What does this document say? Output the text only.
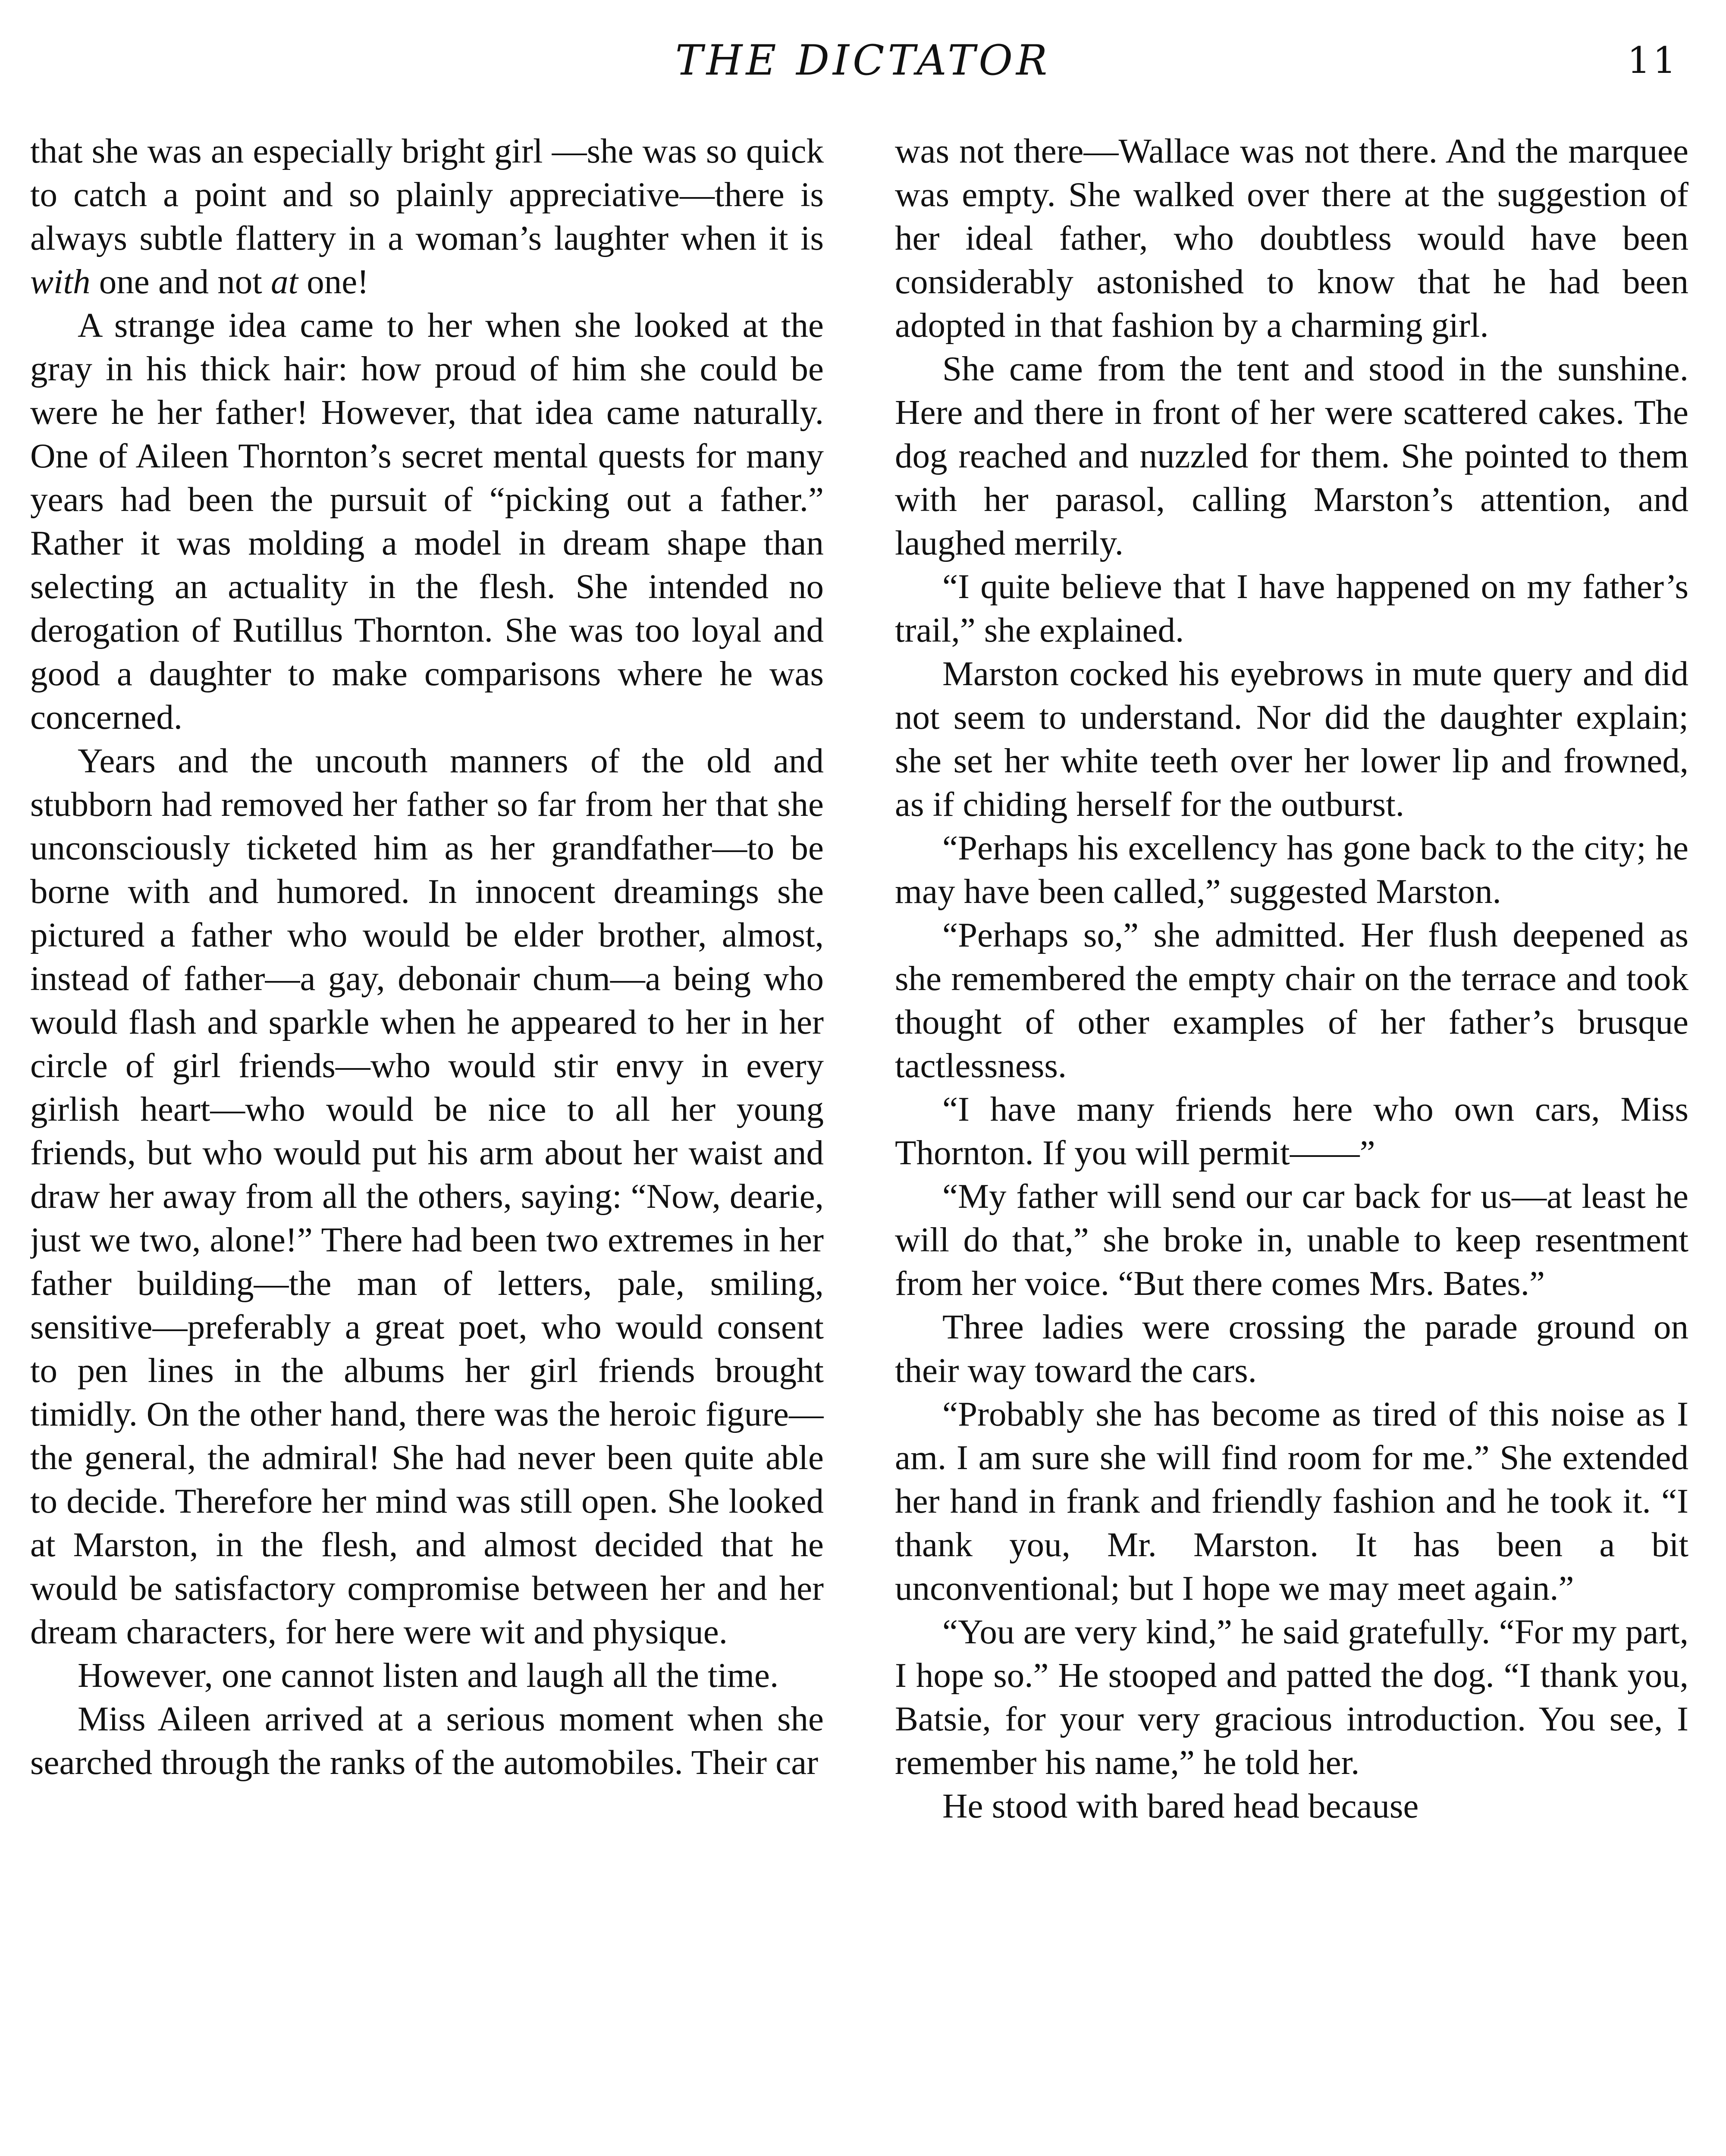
THE DICTATOR	11

that she was an especially bright girl —she was so quick to catch a point and so plainly appreciative—there is always subtle flattery in a woman’s laughter when it is with one and not at one!

A strange idea came to her when she looked at the gray in his thick hair: how proud of him she could be were he her father! However, that idea came naturally. One of Aileen Thornton’s secret mental quests for many years had been the pursuit of “picking out a father.” Rather it was molding a model in dream shape than selecting an actuality in the flesh. She intended no derogation of Rutillus Thornton. She was too loyal and good a daughter to make comparisons where he was concerned.

Years and the uncouth manners of the old and stubborn had removed her father so far from her that she unconsciously ticketed him as her grandfather—to be borne with and humored. In innocent dreamings she pictured a father who would be elder brother, almost, instead of father—a gay, debonair chum—a being who would flash and sparkle when he appeared to her in her circle of girl friends—who would stir envy in every girlish heart—who would be nice to all her young friends, but who would put his arm about her waist and draw her away from all the others, saying: “Now, dearie, just we two, alone!” There had been two extremes in her father building—the man of letters, pale, smiling, sensitive—preferably a great poet, who would consent to pen lines in the albums her girl friends brought timidly. On the other hand, there was the heroic figure—the general, the admiral! She had never been quite able to decide. Therefore her mind was still open. She looked at Marston, in the flesh, and almost decided that he would be satisfactory compromise between her and her dream characters, for here were wit and physique.

However, one cannot listen and laugh all the time.

Miss Aileen arrived at a serious moment when she searched through the ranks of the automobiles. Their car

was not there—Wallace was not there. And the marquee was empty. She walked over there at the suggestion of her ideal father, who doubtless would have been considerably astonished to know that he had been adopted in that fashion by a charming girl.

She came from the tent and stood in the sunshine. Here and there in front of her were scattered cakes. The dog reached and nuzzled for them. She pointed to them with her parasol, calling Marston’s attention, and laughed merrily.

“I quite believe that I have happened on my father’s trail,” she explained.

Marston cocked his eyebrows in mute query and did not seem to understand. Nor did the daughter explain; she set her white teeth over her lower lip and frowned, as if chiding herself for the outburst.

“Perhaps his excellency has gone back to the city; he may have been called,” suggested Marston.

“Perhaps so,” she admitted. Her flush deepened as she remembered the empty chair on the terrace and took thought of other examples of her father’s brusque tactlessness.

“I have many friends here who own cars, Miss Thornton. If you will permit——”

“My father will send our car back for us—at least he will do that,” she broke in, unable to keep resentment from her voice. “But there comes Mrs. Bates.”

Three ladies were crossing the parade ground on their way toward the cars.

“Probably she has become as tired of this noise as I am. I am sure she will find room for me.” She extended her hand in frank and friendly fashion and he took it. “I thank you, Mr. Marston. It has been a bit unconventional; but I hope we may meet again.”

“You are very kind,” he said gratefully. “For my part, I hope so.” He stooped and patted the dog. “I thank you, Batsie, for your very gracious introduction. You see, I remember his name,” he told her.

He stood with bared head because
